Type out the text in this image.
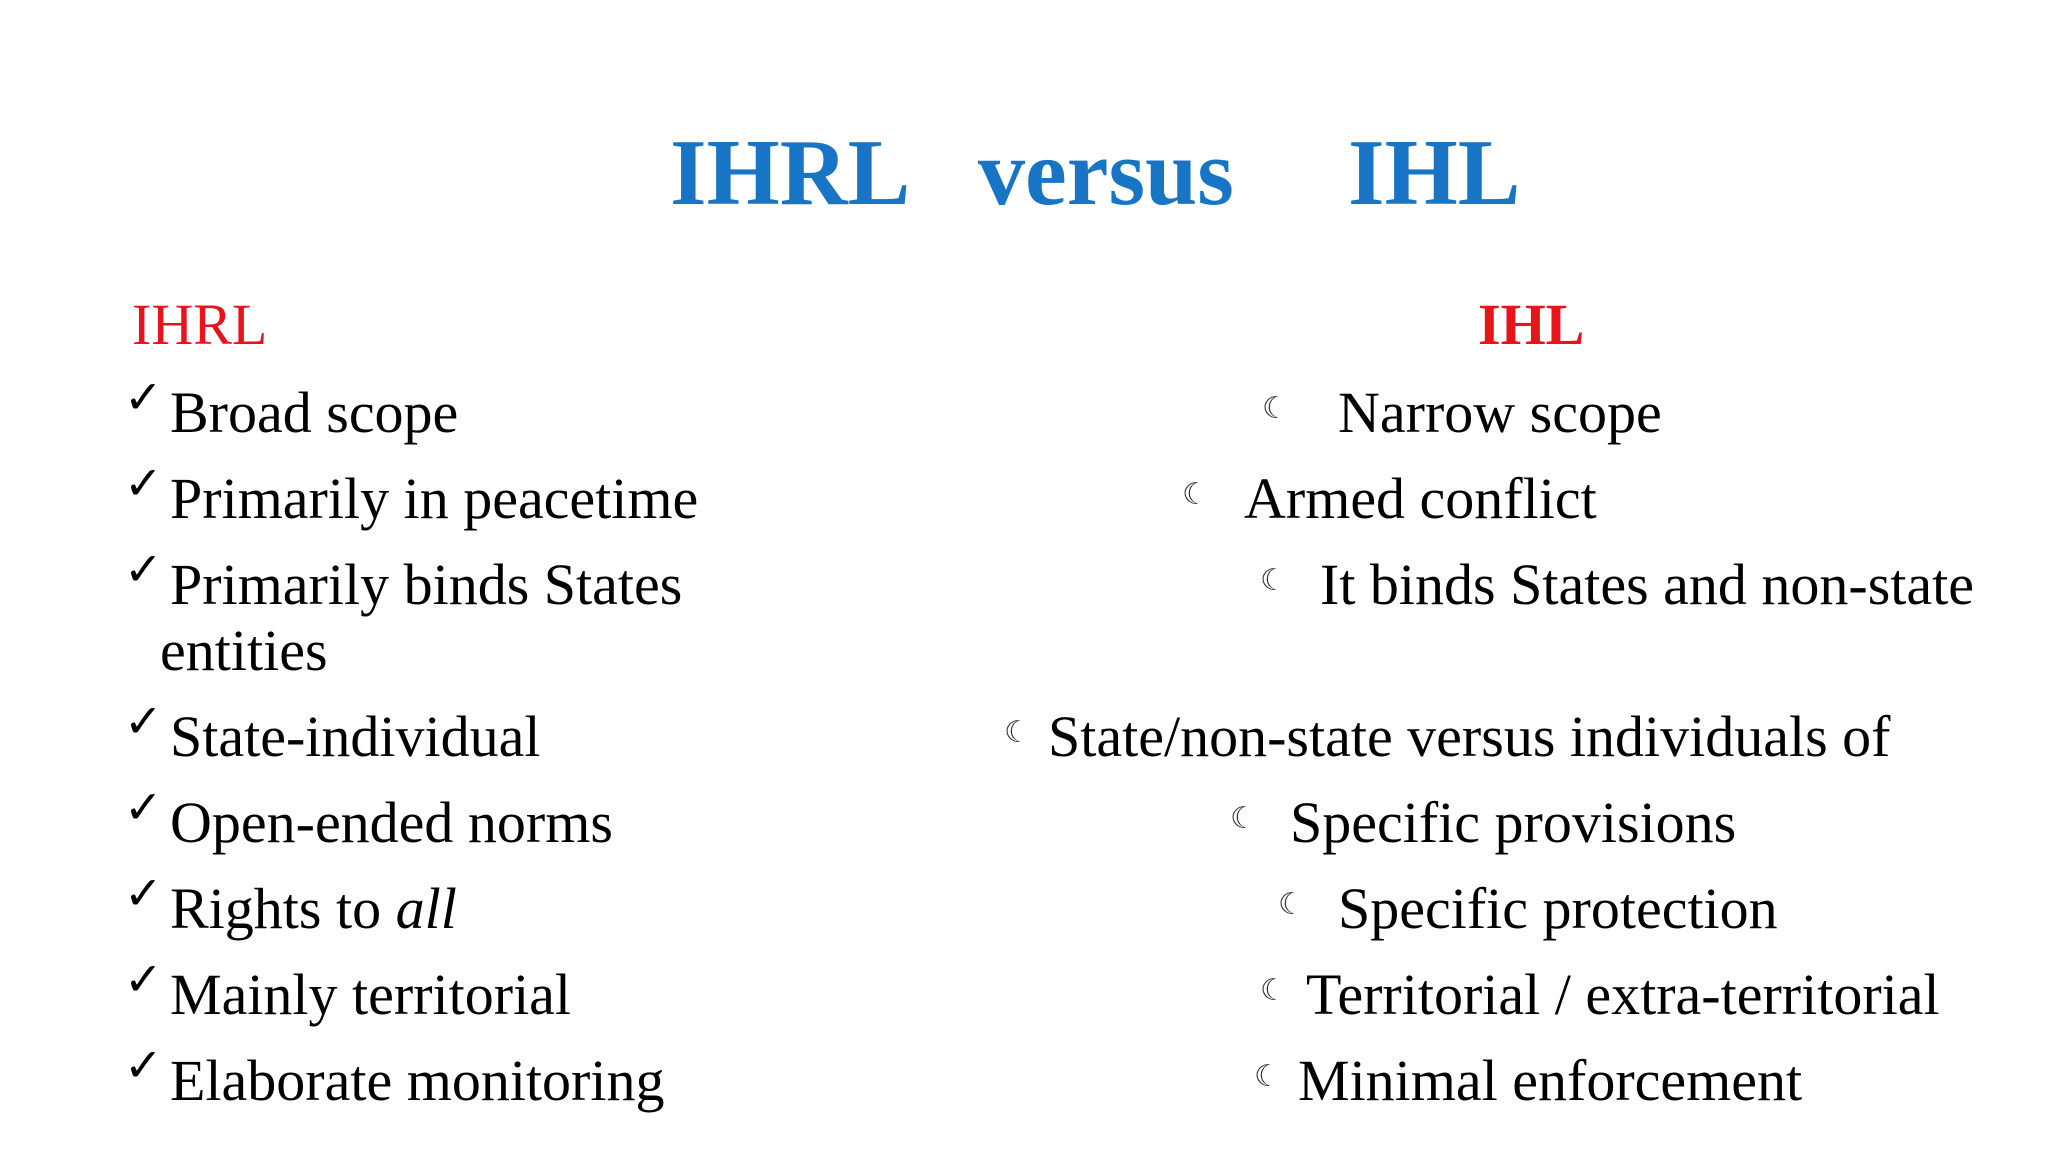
IHRL versus IHL
IHRL
✓ Broad scope
✓ Primarily in peacetime
✓ Primarily binds States
entities
✓ State-individual
✓ Open-ended norms
✓ Rights to all
✓ Mainly territorial
✓ Elaborate monitoring
IHL
☾ Narrow scope
☾ Armed conflict
☾ It binds States and non-state
☾ State/non-state versus individuals of
☾ Specific provisions
☾ Specific protection
☾ Territorial / extra-territorial
☾ Minimal enforcement
